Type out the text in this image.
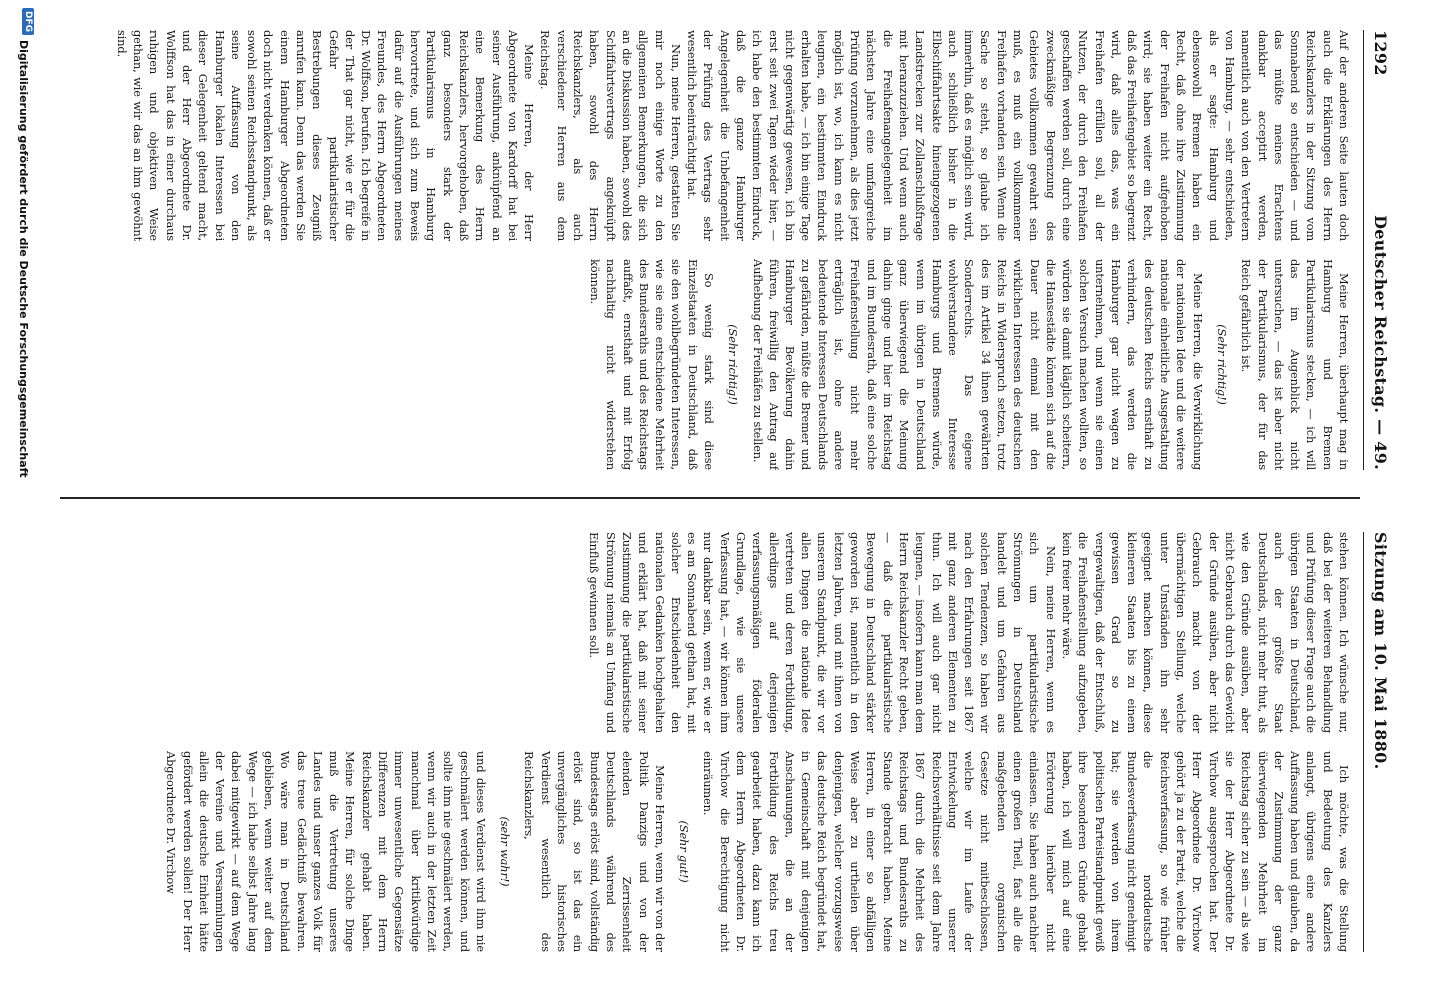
1292
Deutscher Reichstag. — 49.

Auf der anderen Seite lauten doch auch die Erklärungen des Herrn Reichskanzlers in der Sitzung vom Sonnabend so entschieden — und das müßte meines Erachtens dankbar acceptirt werden, namentlich auch von den Vertretern von Hamburg, — sehr entschieden, als er sagte: Hamburg und ebensowohl Bremen haben ein Recht, daß ohne ihre Zustimmung der Freihafen nicht aufgehoben wird; sie haben weiter ein Recht, daß das Freihafengebiet so begrenzt wird, daß alles das, was ein Freihafen erfüllen soll, all der Nutzen, der durch den Freihafen geschaffen werden soll, durch eine zweckmäßige Begrenzung des Gebietes vollkommen gewahrt sein muß, es muß ein vollkommener Freihafen vorhanden sein. Wenn die Sache so steht, so glaube ich immerhin, daß es möglich sein wird, auch schließlich bisher in die Elbschiffahrtsakte hineingezogenen Landstrecken zur Zollanschlußfrage mit heranzuziehen. Und wenn auch die Freihafenangelegenheit im nächsten Jahre eine umfangreiche Prüfung vorzunehmen, als dies jetzt möglich ist, wo, ich kann es nicht leugnen, ein bestimmten Eindruck erhalten habe, — ich bin einige Tage nicht gegenwärtig gewesen, ich bin erst seit zwei Tagen wieder hier, — ich habe den bestimmten Eindruck, daß die ganze Hamburger Angelegenheit die Unbefangenheit der Prüfung des Vertrags sehr wesentlich beeinträchtigt hat.

Nun, meine Herren, gestatten Sie mir noch einige Worte zu den allgemeinen Bemerkungen, die sich an die Diskussion haben, sowohl des Schiffahrtsvertrags angeknüpft haben, sowohl des Herrn Reichskanzlers, als auch verschiedener Herren aus dem Reichstag.

Meine Herren, der Herr Abgeordnete von Kardorff hat bei seiner Ausführung, anknüpfend an eine Bemerkung des Herrn Reichskanzlers, hervorgehoben, daß ganz besonders stark der Partikularismus in Hamburg hervortrete, und sich zum Beweis dafür auf die Ausführungen meines Freundes, des Herrn Abgeordneten Dr. Wolffson, berufen. Ich begreife in der That gar nicht, wie er für die Gefahr partikularistischer Bestrebungen dieses Zeugniß anrufen kann. Denn das werden Sie einem Hamburger Abgeordneten doch nicht verdenken können, daß er sowohl seinen Reichsstandpunkt, als seine Auffassung von den Hamburger lokalen Interessen bei dieser Gelegenheit geltend macht, und der Herr Abgeordnete Dr. Wolffson hat das in einer durchaus ruhigen und objektiven Weise gethan, wie wir das an ihm gewöhnt sind.

Meine Herren, überhaupt mag in Hamburg und Bremen Partikularismus stecken, — ich will das im Augenblick nicht untersuchen, — das ist aber nicht der Partikularismus, der für das Reich gefährlich ist.

(Sehr richtig!)

Meine Herren, die Verwirklichung der nationalen Idee und die weitere nationale einheitliche Ausgestaltung des deutschen Reichs ernsthaft zu verhindern, das werden die Hamburger gar nicht wagen zu unternehmen, und wenn sie einen solchen Versuch machen wollten, so würden sie damit kläglich scheitern, die Hansestädte können sich auf die Dauer nicht einmal mit den wirklichen Interessen des deutschen Reichs in Widerspruch setzen, trotz des im Artikel 34 ihnen gewährten Sonderrechts. Das eigene wohlverstandene Interesse Hamburgs und Bremens würde, wenn im übrigen in Deutschland ganz überwiegend die Meinung dahin ginge und hier im Reichstag und im Bundesrath, daß eine solche Freihafenstellung nicht mehr erträglich ist, ohne andere bedeutende Interessen Deutschlands zu gefährden, müßte die Bremer und Hamburger Bevölkerung dahin führen, freiwillig den Antrag auf Aufhebung der Freihäfen zu stellen.

(Sehr richtig!)

So wenig stark sind diese Einzelstaaten in Deutschland, daß sie den wohlbegründeten Interessen, wie sie eine entschiedene Mehrheit des Bundesraths und des Reichstags auffaßt, ernsthaft und mit Erfolg nachhaltig nicht widerstehen können.

Sitzung am 10. Mai 1880.

stehen können. Ich wünsche nur, daß bei der weiteren Behandlung und Prüfung dieser Frage auch die übrigen Staaten in Deutschland, auch der größte Staat Deutschlands, nicht mehr thut, als wie den Gründe ausüben, aber nicht Gebrauch durch das Gewicht der Gründe ausüben, aber nicht Gebrauch macht von der übermächtigen Stellung, welche unter Umständen ihn sehr geeignet machen können, diese kleineren Staaten bis zu einem gewissen Grad so zu vergewaltigen, daß der Entschluß, die Freihafenstellung aufzugeben, kein freier mehr wäre.

Nein, meine Herren, wenn es sich um partikularistische Strömungen in Deutschland handelt und um Gefahren aus solchen Tendenzen, so haben wir nach den Erfahrungen seit 1867 mit ganz anderen Elementen zu thun. Ich will auch gar nicht leugnen, — insofern kann man dem Herrn Reichskanzler Recht geben, — daß die partikularistische Bewegung in Deutschland stärker geworden ist, namentlich in den letzten Jahren, und mit ihnen von unserem Standpunkt, die wir vor allen Dingen die nationale Idee vertreten und deren Fortbildung, allerdings auf derjenigen verfassungsmäßigen föderalen Grundlage, wie sie unsere Verfassung hat, — wir können ihm nur dankbar sein, wenn er, wie er es am Sonnabend gethan hat, mit solcher Entschiedenheit den nationalen Gedanken hochgehalten und erklärt hat, daß mit seiner Zustimmung die partikularistische Strömung niemals an Umfang und Einfluß gewinnen soll.

Ich möchte, was die Stellung und Bedeutung des Kanzlers anlangt, übrigens eine andere Auffassung haben und glauben, da der Zustimmung der ganz überwiegenden Mehrheit im Reichstag sicher zu sein — als wie sie der Herr Abgeordnete Dr. Virchow ausgesprochen hat. Der Herr Abgeordnete Dr. Virchow gehört ja zu der Partei, welche die Reichsverfassung, so wie früher die norddeutsche Bundesverfassung nicht genehmigt hat; sie werden von ihrem politischen Parteistandpunkt gewiß ihre besonderen Gründe gehabt haben, ich will mich auf eine Erörterung hierüber nicht einlassen. Sie haben auch nachher einen großen Theil, fast alle die maßgebenden organischen Gesetze nicht mitbeschlossen, welche wir im Laufe der Entwickelung unserer Reichsverhältnisse seit dem Jahre 1867 durch die Mehrheit des Reichstags und Bundesraths zu Stande gebracht haben. Meine Herren, in einer so abfälligen Weise aber zu urtheilen über denjenigen, welcher vorzugsweise das deutsche Reich begründet hat, in Gemeinschaft mit denjenigen Anschauungen, die an der Fortbildung des Reichs treu gearbeitet haben, dazu kann ich dem Herrn Abgeordneten Dr. Virchow die Berechtigung nicht einräumen.

(Sehr gut!)

Meine Herren, wenn wir von der Politik Danzigs und von der elenden Zerrissenheit Deutschlands während des Bundestags erlöst sind, vollständig erlöst sind, so ist das ein unvergängliches historisches Verdienst wesentlich des Reichskanzlers,

(sehr wahr!)

und dieses Verdienst wird ihm nie geschmälert werden können, und sollte ihm nie geschmälert werden, wenn wir auch in der letzten Zeit manchmal über kritikwürdige immer unwesentliche Gegensätze Differenzen mit dem Herrn Reichskanzler gehabt haben. Meine Herren, für solche Dinge muß die Vertretung unseres Landes und unser ganzes Volk für das treue Gedächtniß bewahren. Wo wäre man in Deutschland geblieben, wenn weiter auf dem Wege — ich habe selbst Jahre lang dabei mitgewirkt — auf dem Wege der Vereine und Versammlungen allein die deutsche Einheit hätte gefördert werden sollen! Der Herr Abgeordnete Dr. Virchow

DFG
Digitalisierung gefördert durch die Deutsche Forschungsgemeinschaft
